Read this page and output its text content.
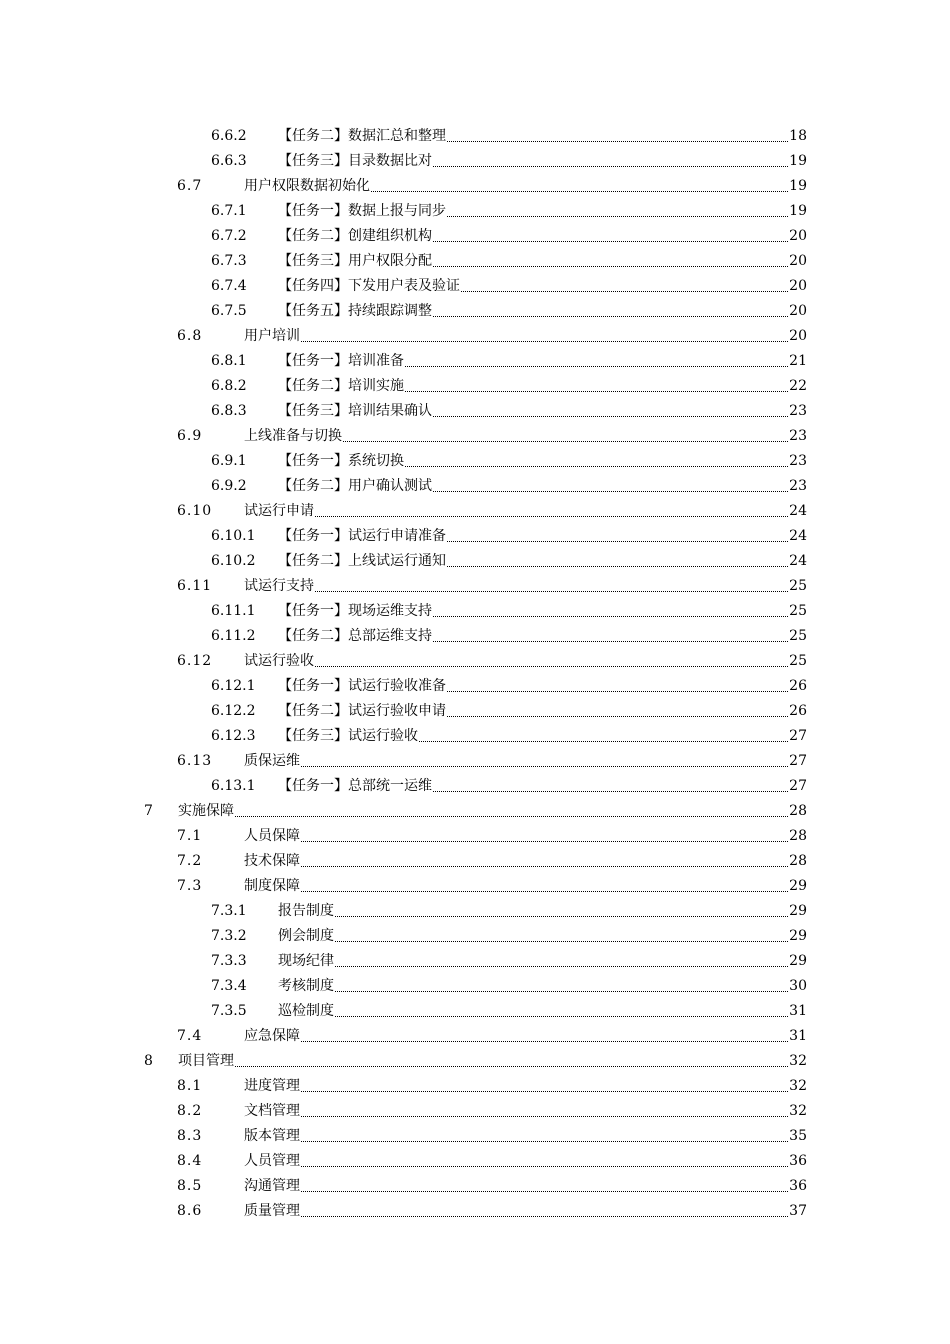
6.6.2 【任务二】数据汇总和整理	18
6.6.3 【任务三】目录数据比对	19
6.7	用户权限数据初始化	19
6.7.1 【任务一】数据上报与同步	19
6.7.2 【任务二】创建组织机构	20
6.7.3 【任务三】用户权限分配	20
6.7.4 【任务四】下发用户表及验证	20
6.7.5 【任务五】持续跟踪调整	20
6.8	用户培训	20
6.8.1 【任务一】培训准备	21
6.8.2 【任务二】培训实施	22
6.8.3 【任务三】培训结果确认	23
6.9	上线准备与切换	23
6.9.1 【任务一】系统切换	23
6.9.2 【任务二】用户确认测试	23
6.10 试运行申请	24
6.10.1 【任务一】试运行申请准备	24
6.10.2 【任务二】上线试运行通知	24
6.11 试运行支持	25
6.11.1 【任务一】现场运维支持	25
6.11.2 【任务二】总部运维支持	25
6.12 试运行验收	25
6.12.1 【任务一】试运行验收准备	26
6.12.2 【任务二】试运行验收申请	26
6.12.3 【任务三】试运行验收	27
6.13 质保运维	27
6.13.1 【任务一】总部统一运维	27
7 实施保障	28
7.1	人员保障	28
7.2	技术保障	28
7.3	制度保障	29
7.3.1 报告制度	29
7.3.2 例会制度	29
7.3.3 现场纪律	29
7.3.4 考核制度	30
7.3.5 巡检制度	31
7.4	应急保障	31
8 项目管理	32
8.1	进度管理	32
8.2	文档管理	32
8.3	版本管理	35
8.4	人员管理	36
8.5	沟通管理	36
8.6	质量管理	37
